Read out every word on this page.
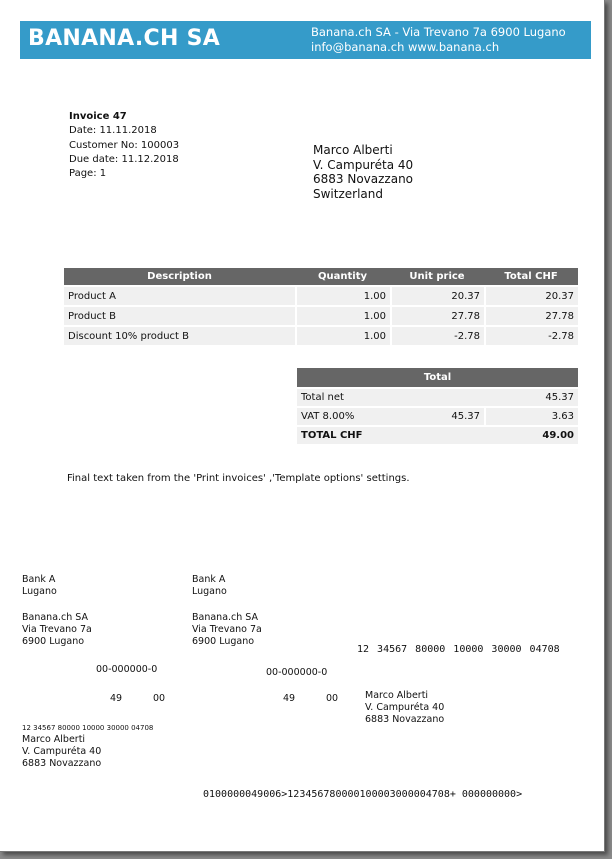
BANANA.CH SA	Banana.ch SA - Via Trevano 7a 6900 Lugano
info@banana.ch www.banana.ch
Invoice 47
Date: 11.11.2018
Customer No: 100003
Due date: 11.12.2018
Page: 1
Marco Alberti
V. Campuréta 40
6883 Novazzano
Switzerland
Description	Quantity	Unit price	Total CHF
Product A	1.00	20.37	20.37
Product B	1.00	27.78	27.78
Discount 10% product B	1.00	-2.78	-2.78
Total		
Total net		45.37
VAT 8.00%	45.37	3.63
TOTAL CHF		49.00
Final text taken from the 'Print invoices' ,'Template options' settings.
Bank A
Lugano
Banana.ch SA
Via Trevano 7a
6900 Lugano
00-000000-0
49	00
12 34567 80000 10000 30000 04708
Marco Alberti
V. Campuréta 40
6883 Novazzano
Bank A
Lugano
Banana.ch SA
Via Trevano 7a
6900 Lugano
12 34567 80000 10000 30000 04708
00-000000-0
49	00	Marco Alberti
V. Campuréta 40
6883 Novazzano
0100000049006>123456780000100003000004708+ 000000000>
